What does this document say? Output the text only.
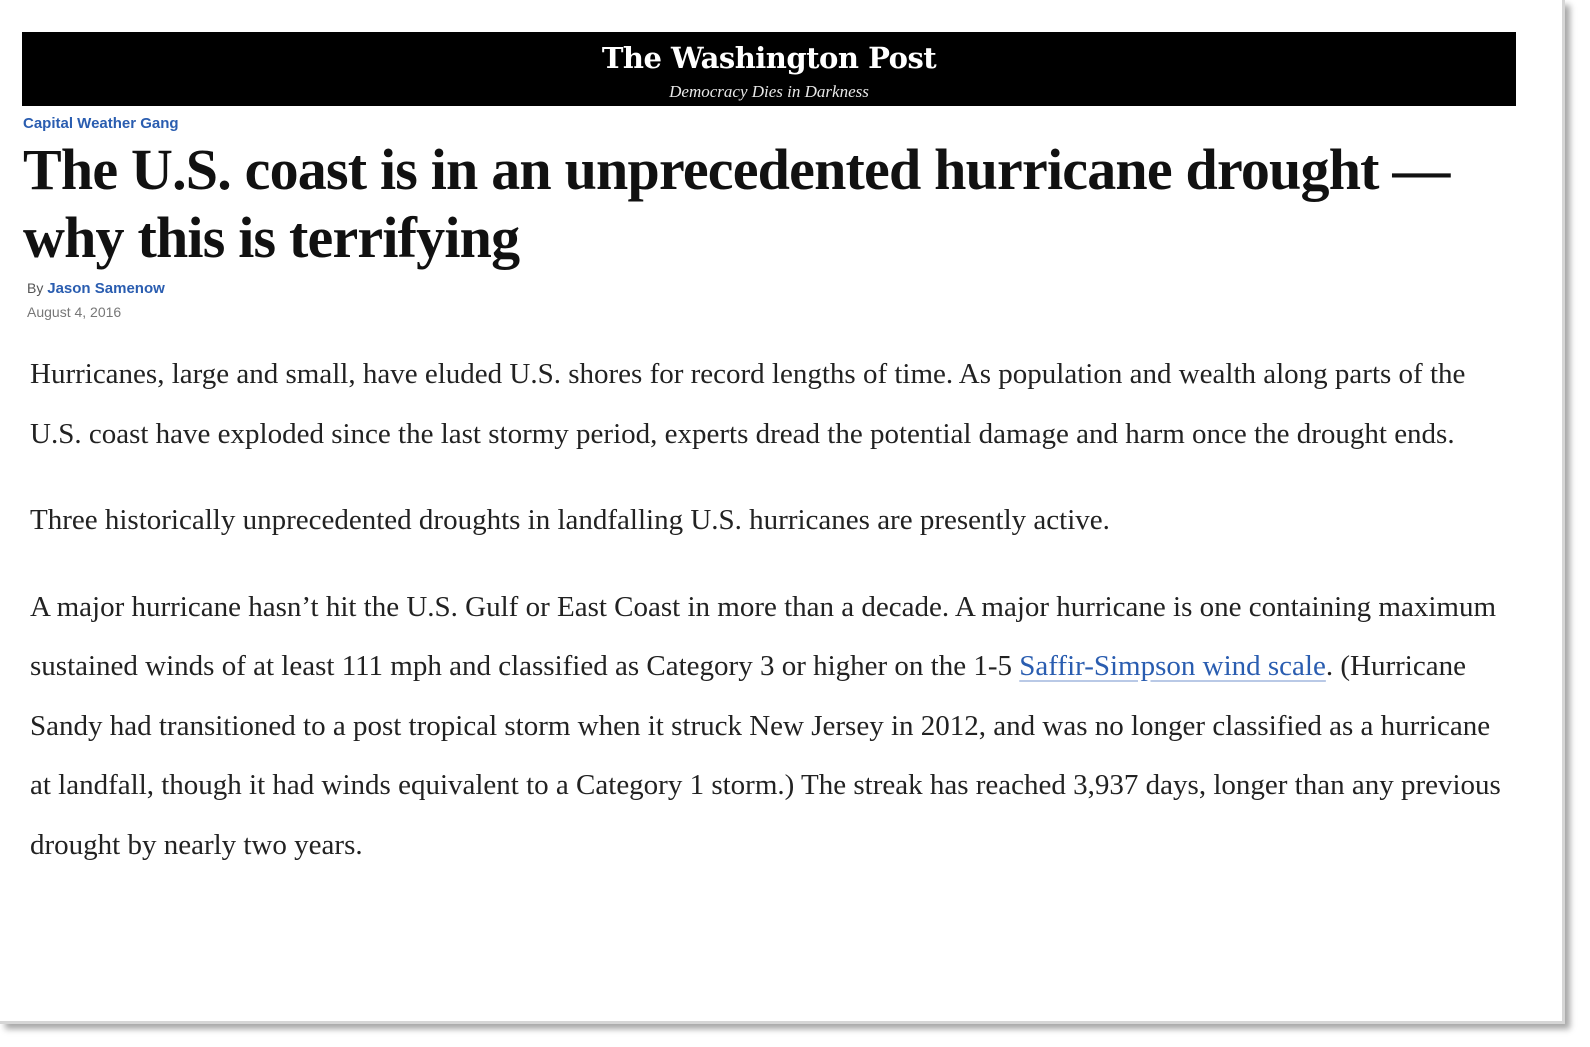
The Washington Post
Democracy Dies in Darkness
Capital Weather Gang
The U.S. coast is in an unprecedented hurricane drought — why this is terrifying
By Jason Samenow
August 4, 2016

Hurricanes, large and small, have eluded U.S. shores for record lengths of time. As population and wealth along parts of the U.S. coast have exploded since the last stormy period, experts dread the potential damage and harm once the drought ends.

Three historically unprecedented droughts in landfalling U.S. hurricanes are presently active.

A major hurricane hasn’t hit the U.S. Gulf or East Coast in more than a decade. A major hurricane is one containing maximum sustained winds of at least 111 mph and classified as Category 3 or higher on the 1-5 Saffir-Simpson wind scale. (Hurricane Sandy had transitioned to a post tropical storm when it struck New Jersey in 2012, and was no longer classified as a hurricane at landfall, though it had winds equivalent to a Category 1 storm.) The streak has reached 3,937 days, longer than any previous drought by nearly two years.
